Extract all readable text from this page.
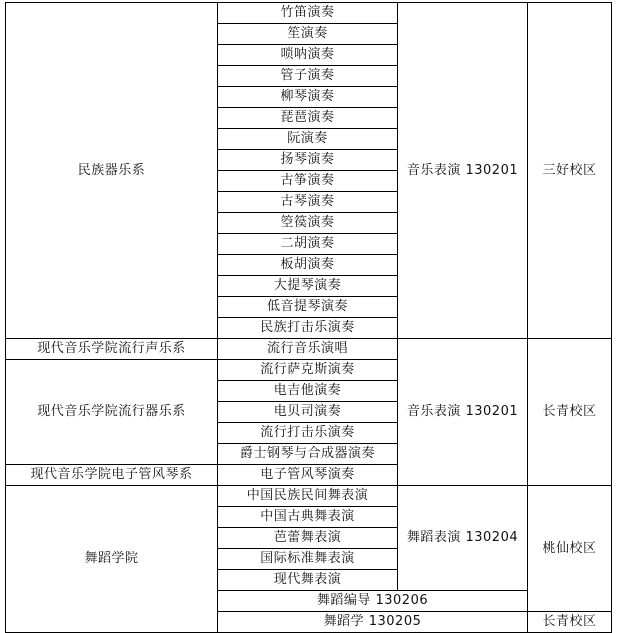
民族器乐系	竹笛演奏	音乐表演 130201	三好校区
	笙演奏		
	唢呐演奏		
	管子演奏		
	柳琴演奏		
	琵琶演奏		
	阮演奏		
	扬琴演奏		
	古筝演奏		
	古琴演奏		
	箜篌演奏		
	二胡演奏		
	板胡演奏		
	大提琴演奏		
	低音提琴演奏		
	民族打击乐演奏		
现代音乐学院流行声乐系	流行音乐演唱	音乐表演 130201	长青校区
现代音乐学院流行器乐系	流行萨克斯演奏		
	电吉他演奏		
	电贝司演奏		
	流行打击乐演奏		
	爵士钢琴与合成器演奏		
现代音乐学院电子管风琴系	电子管风琴演奏		
舞蹈学院	中国民族民间舞表演	舞蹈表演 130204	桃仙校区
	中国古典舞表演		
	芭蕾舞表演		
	国际标准舞表演		
	现代舞表演		
	舞蹈编导 130206		
	舞蹈学 130205		长青校区
